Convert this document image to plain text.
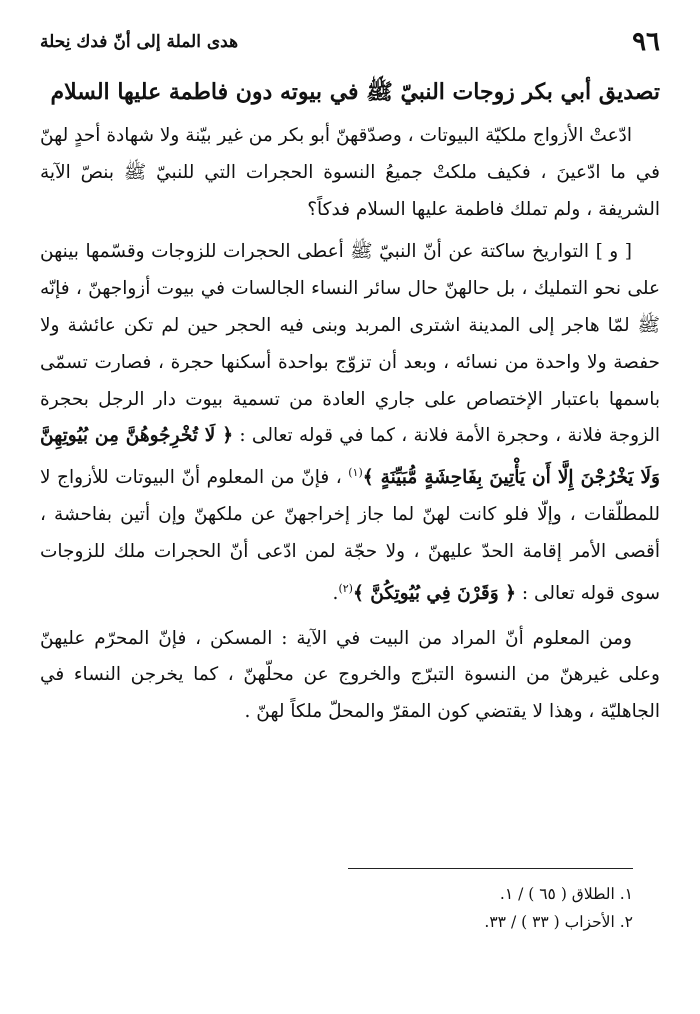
٩٦
هدى الملة إلى أنّ فدك نِحلة
تصديق أبي بكر زوجات النبيّ ﷺ في بيوته دون فاطمة عليها السلام

ادّعتْ الأزواج ملكيّة البيوتات ، وصدّقهنّ أبو بكر من غير بيّنة ولا شهادة أحدٍ لهنّ في ما ادّعينَ ، فكيف ملكتْ جميعُ النسوة الحجرات التي للنبيّ ﷺ بنصّ الآية الشريفة ، ولم تملك فاطمة عليها السلام فدكاً؟

[ و ] التواريخ ساكتة عن أنّ النبيّ ﷺ أعطى الحجرات للزوجات وقسّمها بينهن على نحو التمليك ، بل حالهنّ حال سائر النساء الجالسات في بيوت أزواجهنّ ، فإنّه ﷺ لمّا هاجر إلى المدينة اشترى المربد وبنى فيه الحجر حين لم تكن عائشة ولا حفصة ولا واحدة من نسائه ، وبعد أن تزوّج بواحدة أسكنها حجرة ، فصارت تسمّى باسمها باعتبار الإختصاص على جاري العادة من تسمية بيوت دار الرجل بحجرة الزوجة فلانة ، وحجرة الأمة فلانة ، كما في قوله تعالى : ﴿ لَا تُخْرِجُوهُنَّ مِن بُيُوتِهِنَّ وَلَا يَخْرُجْنَ إِلَّا أَن يَأْتِينَ بِفَاحِشَةٍ مُّبَيِّنَةٍ ﴾$^{(١)}$ ، فإنّ من المعلوم أنّ البيوتات للأزواج لا للمطلّقات ، وإلّا فلو كانت لهنّ لما جاز إخراجهنّ عن ملكهنّ وإن أتين بفاحشة ، أقصى الأمر إقامة الحدّ عليهنّ ، ولا حجّة لمن ادّعى أنّ الحجرات ملك للزوجات سوى قوله تعالى : ﴿ وَقَرْنَ فِي بُيُوتِكُنَّ ﴾$^{(٢)}$.

ومن المعلوم أنّ المراد من البيت في الآية : المسكن ، فإنّ المحرّم عليهنّ وعلى غيرهنّ من النسوة التبرّج والخروج عن محلّهنّ ، كما يخرجن النساء في الجاهليّة ، وهذا لا يقتضي كون المقرّ والمحلّ ملكاً لهنّ .

١. الطلاق ( ٦٥ ) / ١.
٢. الأحزاب ( ٣٣ ) / ٣٣.
